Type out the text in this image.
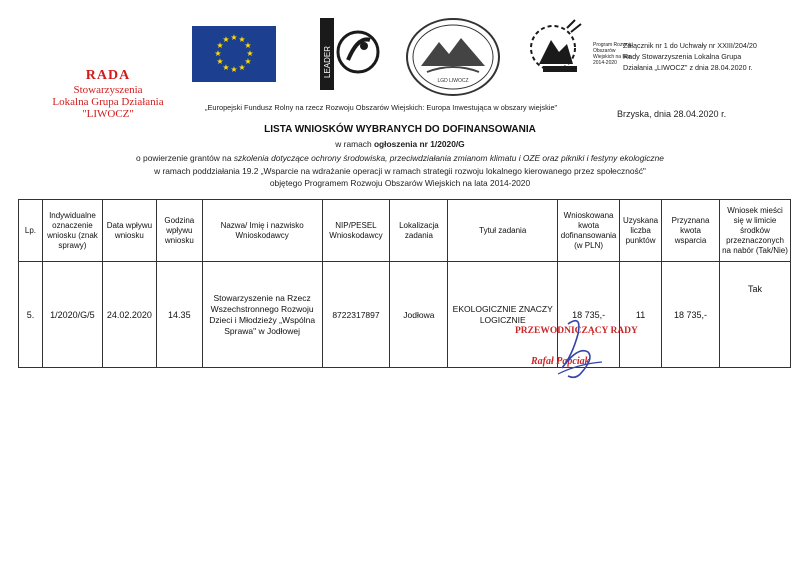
★ ★
★
★
★
★
★
★
★
★
★
★
LEADER
LGD LIWOCZ
Program Rozwoju Obszarów Wiejskich na lata 2014-2020
Załącznik nr 1 do Uchwały nr XXIII/204/20
Rady Stowarzyszenia Lokalna Grupa
Działania „LIWOCZ" z dnia 28.04.2020 r.
„Europejski Fundusz Rolny na rzecz Rozwoju Obszarów Wiejskich: Europa Inwestująca w obszary wiejskie"
Brzyska, dnia 28.04.2020 r.
RADA
Stowarzyszenia
Lokalna Grupa Działania
"LIWOCZ"
LISTA WNIOSKÓW WYBRANYCH DO DOFINANSOWANIA
w ramach ogłoszenia nr 1/2020/G
o powierzenie grantów na szkolenia dotyczące ochrony środowiska, przeciwdziałania zmianom klimatu i OZE oraz pikniki i festyny ekologiczne
w ramach poddziałania 19.2 „Wsparcie na wdrażanie operacji w ramach strategii rozwoju lokalnego kierowanego przez społeczność"
objętego Programem Rozwoju Obszarów Wiejskich na lata 2014-2020
Lp.	Indywidualne oznaczenie wniosku (znak sprawy)	Data wpływu wniosku	Godzina wpływu wniosku	Nazwa/ Imię i nazwisko Wnioskodawcy	NIP/PESEL Wnioskodawcy	Lokalizacja zadania	Tytuł zadania	Wnioskowana kwota dofinansowania (w PLN)	Uzyskana liczba punktów	Przyznana kwota wsparcia	Wniosek mieści się w limicie środków przeznaczonych na nabór (Tak/Nie)
5.	1/2020/G/5	24.02.2020	14.35	Stowarzyszenie na Rzecz Wszechstronnego Rozwoju Dzieci i Młodzieży „Wspólna Sprawa" w Jodłowej	8722317897	Jodłowa	EKOLOGICZNIE ZNACZY LOGICZNIE	18 735,-	11	18 735,-	Tak
PRZEWODNICZĄCY RADY
Rafał Papciak
